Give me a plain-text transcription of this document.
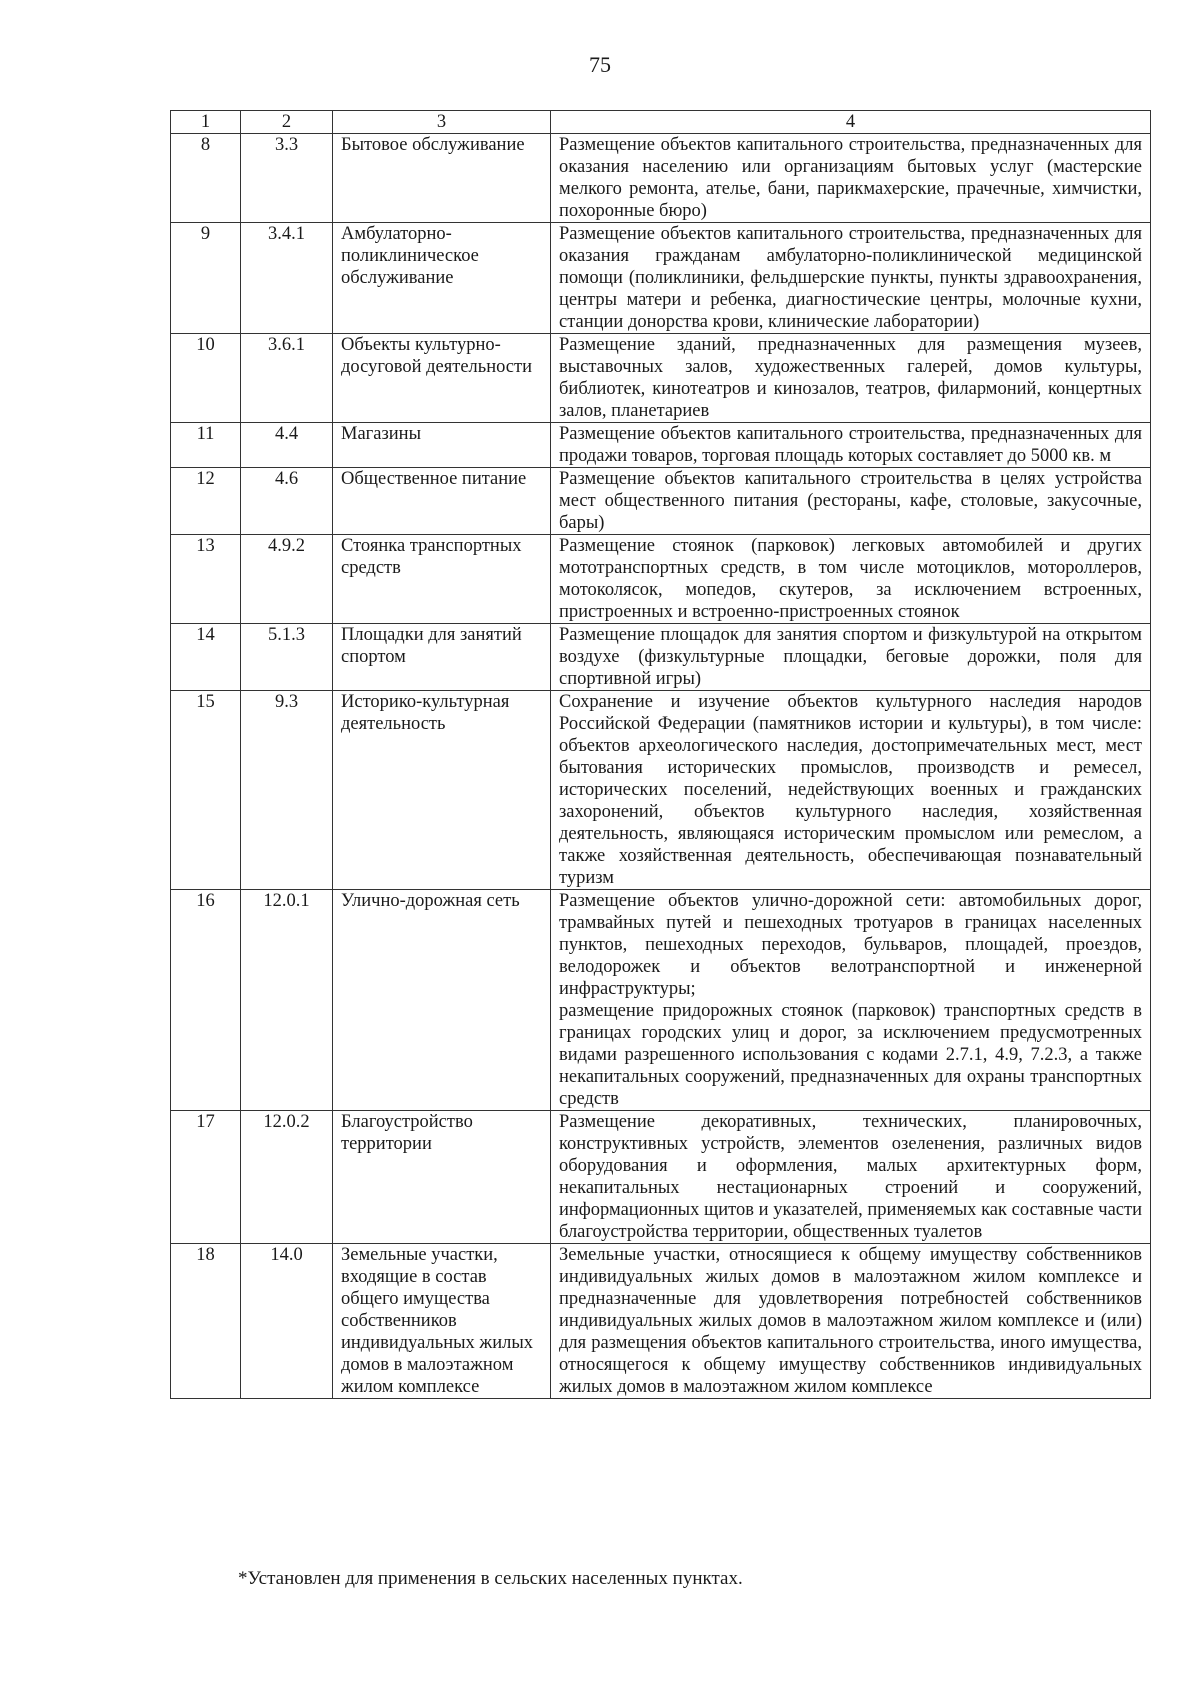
75
1	2	3	4
8	3.3	Бытовое обслуживание	Размещение объектов капитального строительства, предназначенных для оказания населению или организациям бытовых услуг (мастерские мелкого ремонта, ателье, бани, парикмахерские, прачечные, химчистки, похоронные бюро)
9	3.4.1	Амбулаторно-поликлиническое обслуживание	Размещение объектов капитального строительства, предназначенных для оказания гражданам амбулаторно-поликлинической медицинской помощи (поликлиники, фельдшерские пункты, пункты здравоохранения, центры матери и ребенка, диагностические центры, молочные кухни, станции донорства крови, клинические лаборатории)
10	3.6.1	Объекты культурно-досуговой деятельности	Размещение зданий, предназначенных для размещения музеев, выставочных залов, художественных галерей, домов культуры, библиотек, кинотеатров и кинозалов, театров, филармоний, концертных залов, планетариев
11	4.4	Магазины	Размещение объектов капитального строительства, предназначенных для продажи товаров, торговая площадь которых составляет до 5000 кв. м
12	4.6	Общественное питание	Размещение объектов капитального строительства в целях устройства мест общественного питания (рестораны, кафе, столовые, закусочные, бары)
13	4.9.2	Стоянка транспортных средств	Размещение стоянок (парковок) легковых автомобилей и других мототранспортных средств, в том числе мотоциклов, мотороллеров, мотоколясок, мопедов, скутеров, за исключением встроенных, пристроенных и встроенно-пристроенных стоянок
14	5.1.3	Площадки для занятий спортом	Размещение площадок для занятия спортом и физкультурой на открытом воздухе (физкультурные площадки, беговые дорожки, поля для спортивной игры)
15	9.3	Историко-культурная деятельность	Сохранение и изучение объектов культурного наследия народов Российской Федерации (памятников истории и культуры), в том числе: объектов археологического наследия, достопримечательных мест, мест бытования исторических промыслов, производств и ремесел, исторических поселений, недействующих военных и гражданских захоронений, объектов культурного наследия, хозяйственная деятельность, являющаяся историческим промыслом или ремеслом, а также хозяйственная деятельность, обеспечивающая познавательный туризм
16	12.0.1	Улично-дорожная сеть	Размещение объектов улично-дорожной сети: автомобильных дорог, трамвайных путей и пешеходных тротуаров в границах населенных пунктов, пешеходных переходов, бульваров, площадей, проездов, велодорожек и объектов велотранспортной и инженерной инфраструктуры;
размещение придорожных стоянок (парковок) транспортных средств в границах городских улиц и дорог, за исключением предусмотренных видами разрешенного использования с кодами 2.7.1, 4.9, 7.2.3, а также некапитальных сооружений, предназначенных для охраны транспортных средств
17	12.0.2	Благоустройство территории	Размещение декоративных, технических, планировочных, конструктивных устройств, элементов озеленения, различных видов оборудования и оформления, малых архитектурных форм, некапитальных нестационарных строений и сооружений, информационных щитов и указателей, применяемых как составные части благоустройства территории, общественных туалетов
18	14.0	Земельные участки, входящие в состав общего имущества собственников индивидуальных жилых домов в малоэтажном жилом комплексе	Земельные участки, относящиеся к общему имуществу собственников индивидуальных жилых домов в малоэтажном жилом комплексе и предназначенные для удовлетворения потребностей собственников индивидуальных жилых домов в малоэтажном жилом комплексе и (или) для размещения объектов капитального строительства, иного имущества, относящегося к общему имуществу собственников индивидуальных жилых домов в малоэтажном жилом комплексе
*Установлен для применения в сельских населенных пунктах.
